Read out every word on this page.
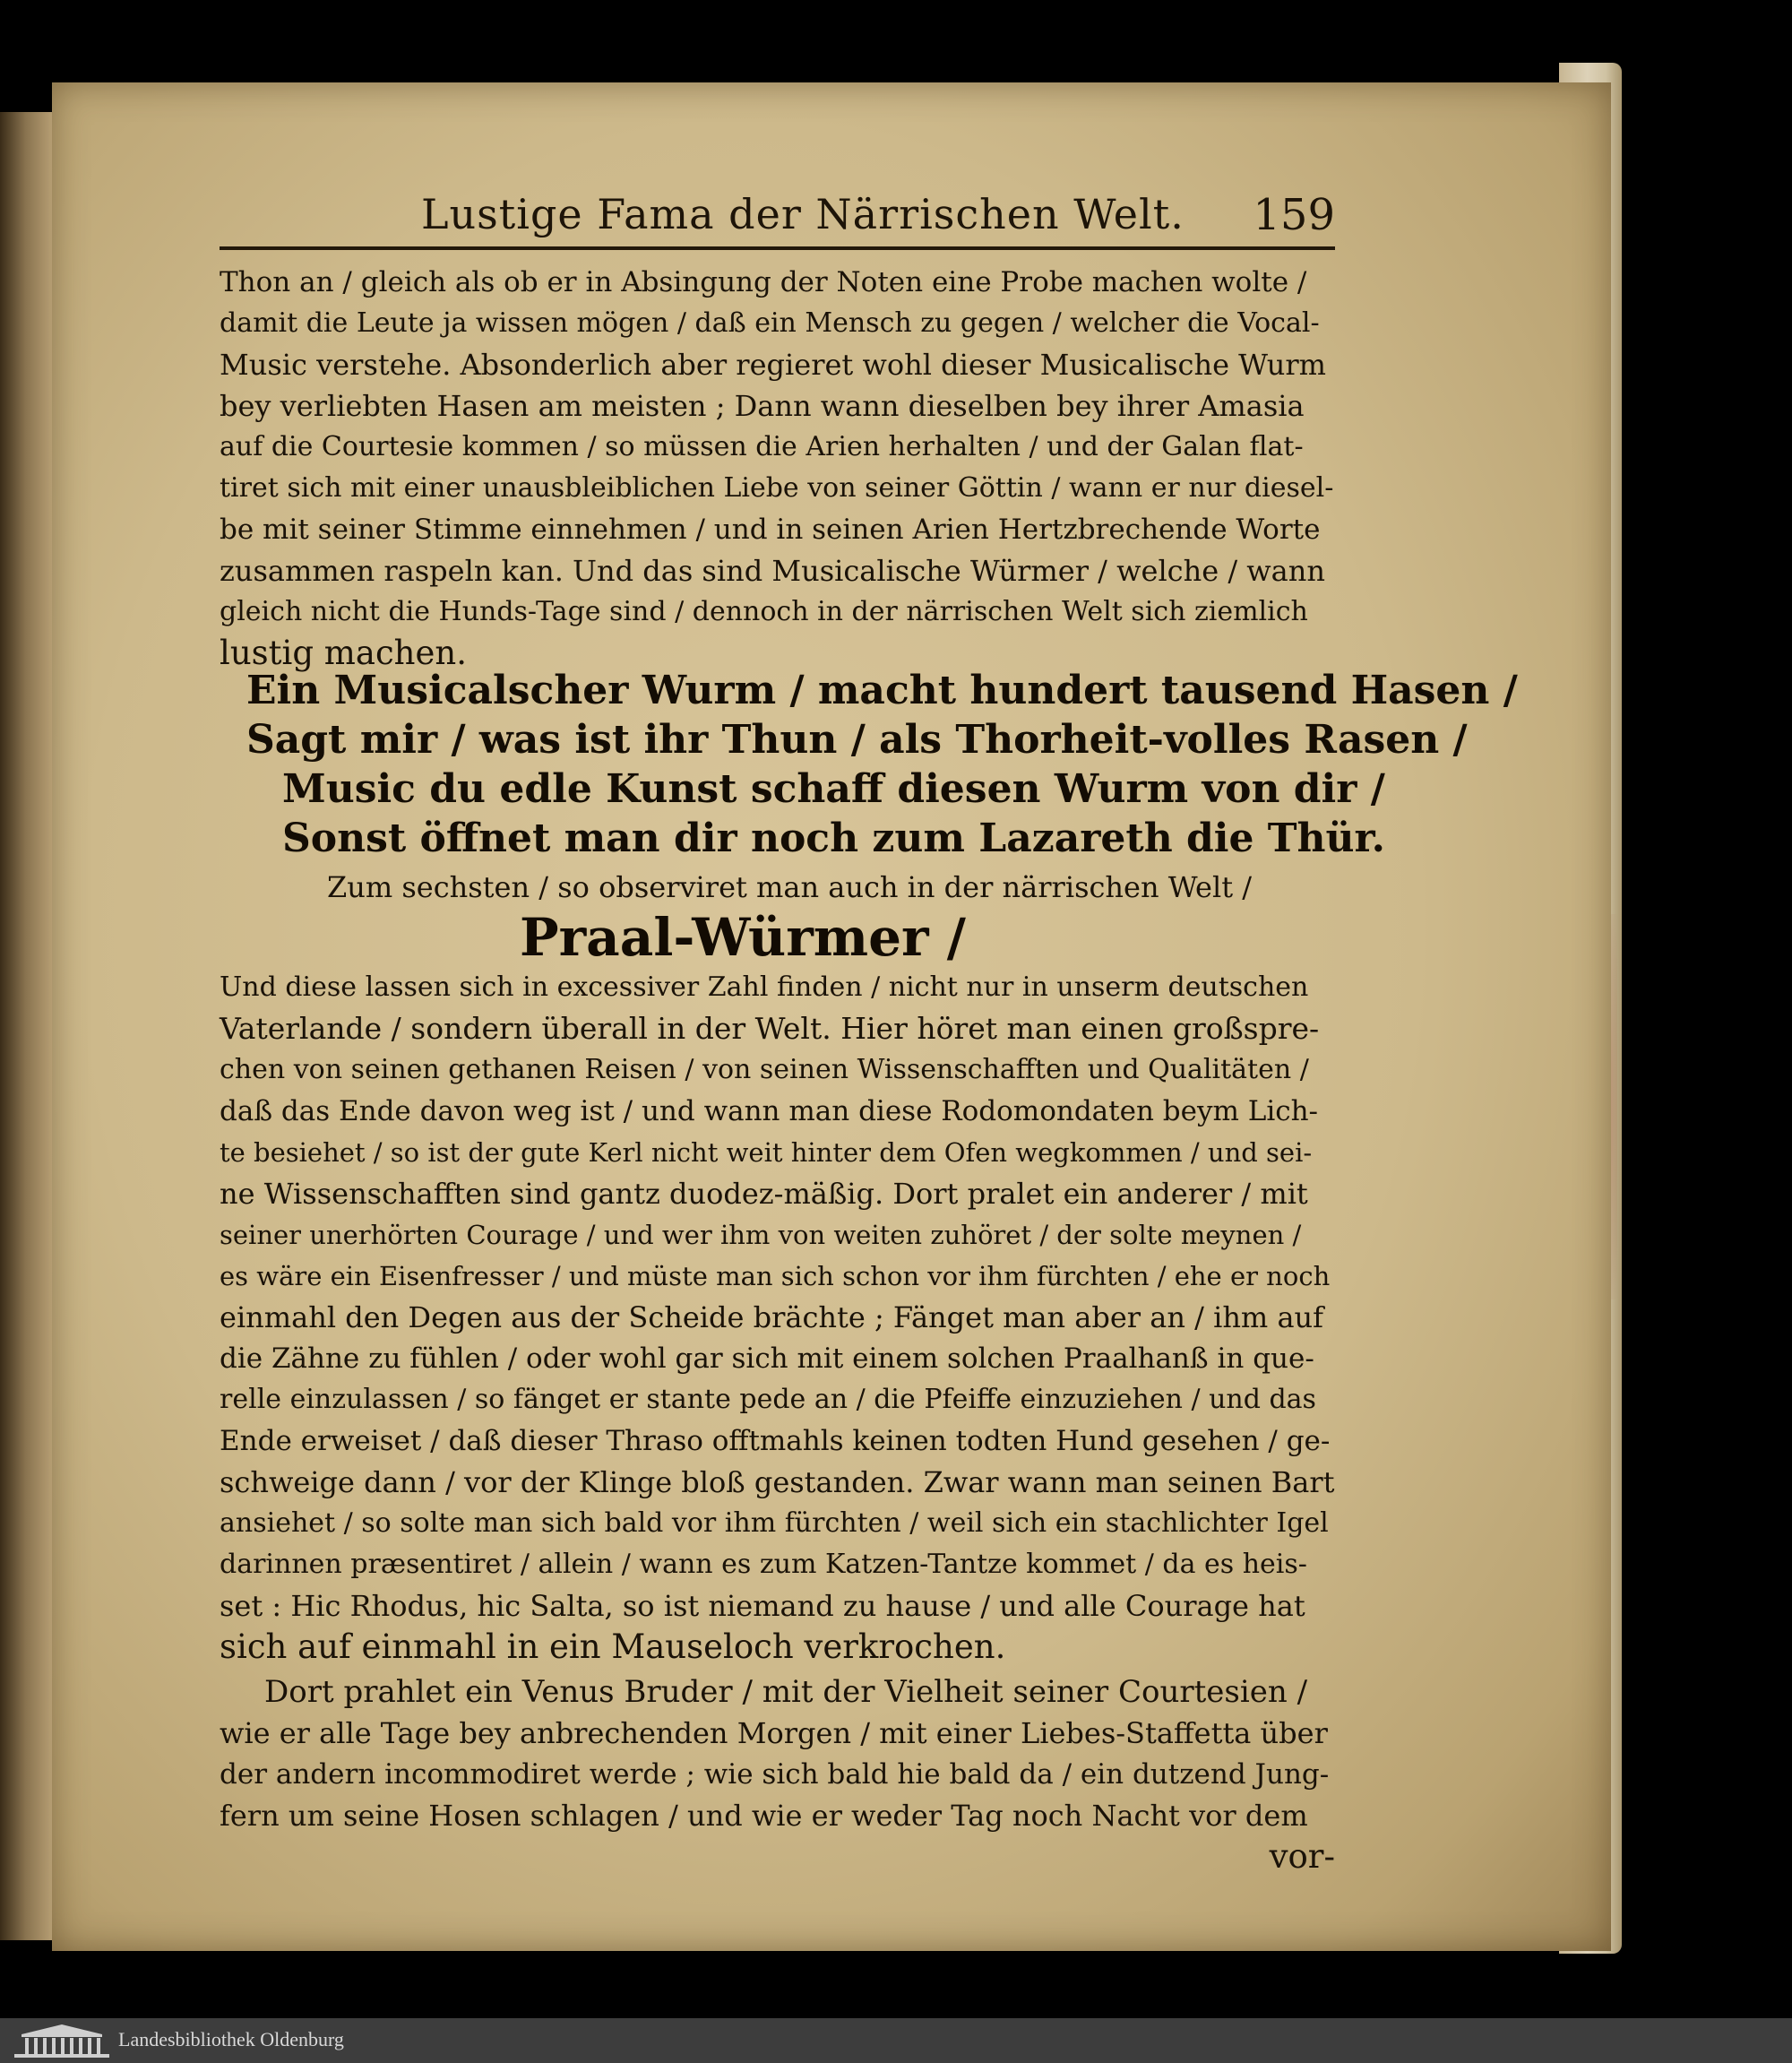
Lustige Fama der Närrischen Welt. 159
Thon an / gleich als ob er in Absingung der Noten eine Probe machen wolte /
damit die Leute ja wissen mögen / daß ein Mensch zu gegen / welcher die Vocal-
Music verstehe. Absonderlich aber regieret wohl dieser Musicalische Wurm
bey verliebten Hasen am meisten ; Dann wann dieselben bey ihrer Amasia
auf die Courtesie kommen / so müssen die Arien herhalten / und der Galan flat-
tiret sich mit einer unausbleiblichen Liebe von seiner Göttin / wann er nur diesel-
be mit seiner Stimme einnehmen / und in seinen Arien Hertzbrechende Worte
zusammen raspeln kan. Und das sind Musicalische Würmer / welche / wann
gleich nicht die Hunds-Tage sind / dennoch in der närrischen Welt sich ziemlich
lustig machen.
Ein Musicalscher Wurm / macht hundert tausend Hasen /
Sagt mir / was ist ihr Thun / als Thorheit-volles Rasen /
Music du edle Kunst schaff diesen Wurm von dir /
Sonst öffnet man dir noch zum Lazareth die Thür.
Zum sechsten / so observiret man auch in der närrischen Welt /
Praal-Würmer /
Und diese lassen sich in excessiver Zahl finden / nicht nur in unserm deutschen
Vaterlande / sondern überall in der Welt. Hier höret man einen großspre-
chen von seinen gethanen Reisen / von seinen Wissenschafften und Qualitäten /
daß das Ende davon weg ist / und wann man diese Rodomondaten beym Lich-
te besiehet / so ist der gute Kerl nicht weit hinter dem Ofen wegkommen / und sei-
ne Wissenschafften sind gantz duodez-mäßig. Dort pralet ein anderer / mit
seiner unerhörten Courage / und wer ihm von weiten zuhöret / der solte meynen /
es wäre ein Eisenfresser / und müste man sich schon vor ihm fürchten / ehe er noch
einmahl den Degen aus der Scheide brächte ; Fänget man aber an / ihm auf
die Zähne zu fühlen / oder wohl gar sich mit einem solchen Praalhanß in que-
relle einzulassen / so fänget er stante pede an / die Pfeiffe einzuziehen / und das
Ende erweiset / daß dieser Thraso offtmahls keinen todten Hund gesehen / ge-
schweige dann / vor der Klinge bloß gestanden. Zwar wann man seinen Bart
ansiehet / so solte man sich bald vor ihm fürchten / weil sich ein stachlichter Igel
darinnen præsentiret / allein / wann es zum Katzen-Tantze kommet / da es heis-
set : Hic Rhodus, hic Salta, so ist niemand zu hause / und alle Courage hat
sich auf einmahl in ein Mauseloch verkrochen.
Dort prahlet ein Venus Bruder / mit der Vielheit seiner Courtesien /
wie er alle Tage bey anbrechenden Morgen / mit einer Liebes-Staffetta über
der andern incommodiret werde ; wie sich bald hie bald da / ein dutzend Jung-
fern um seine Hosen schlagen / und wie er weder Tag noch Nacht vor dem
vor-
Landesbibliothek Oldenburg
